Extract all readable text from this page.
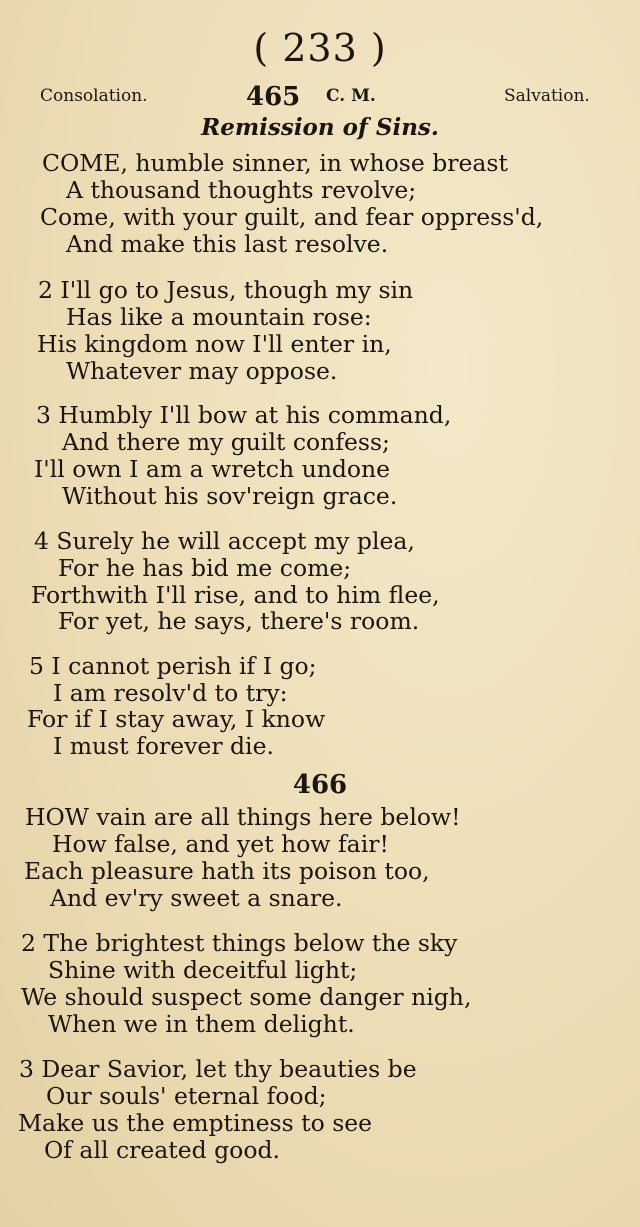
( 233 )
Consolation.	465 C. M.	Salvation.
Remission of Sins.
COME, humble sinner, in whose breast
A thousand thoughts revolve;
Come, with your guilt, and fear oppress'd,
And make this last resolve.
2 I'll go to Jesus, though my sin
Has like a mountain rose:
His kingdom now I'll enter in,
Whatever may oppose.
3 Humbly I'll bow at his command,
And there my guilt confess;
I'll own I am a wretch undone
Without his sov'reign grace.
4 Surely he will accept my plea,
For he has bid me come;
Forthwith I'll rise, and to him flee,
For yet, he says, there's room.
5 I cannot perish if I go;
I am resolv'd to try:
For if I stay away, I know
I must forever die.
466
HOW vain are all things here below!
How false, and yet how fair!
Each pleasure hath its poison too,
And ev'ry sweet a snare.
2 The brightest things below the sky
Shine with deceitful light;
We should suspect some danger nigh,
When we in them delight.
3 Dear Savior, let thy beauties be
Our souls' eternal food;
Make us the emptiness to see
Of all created good.
